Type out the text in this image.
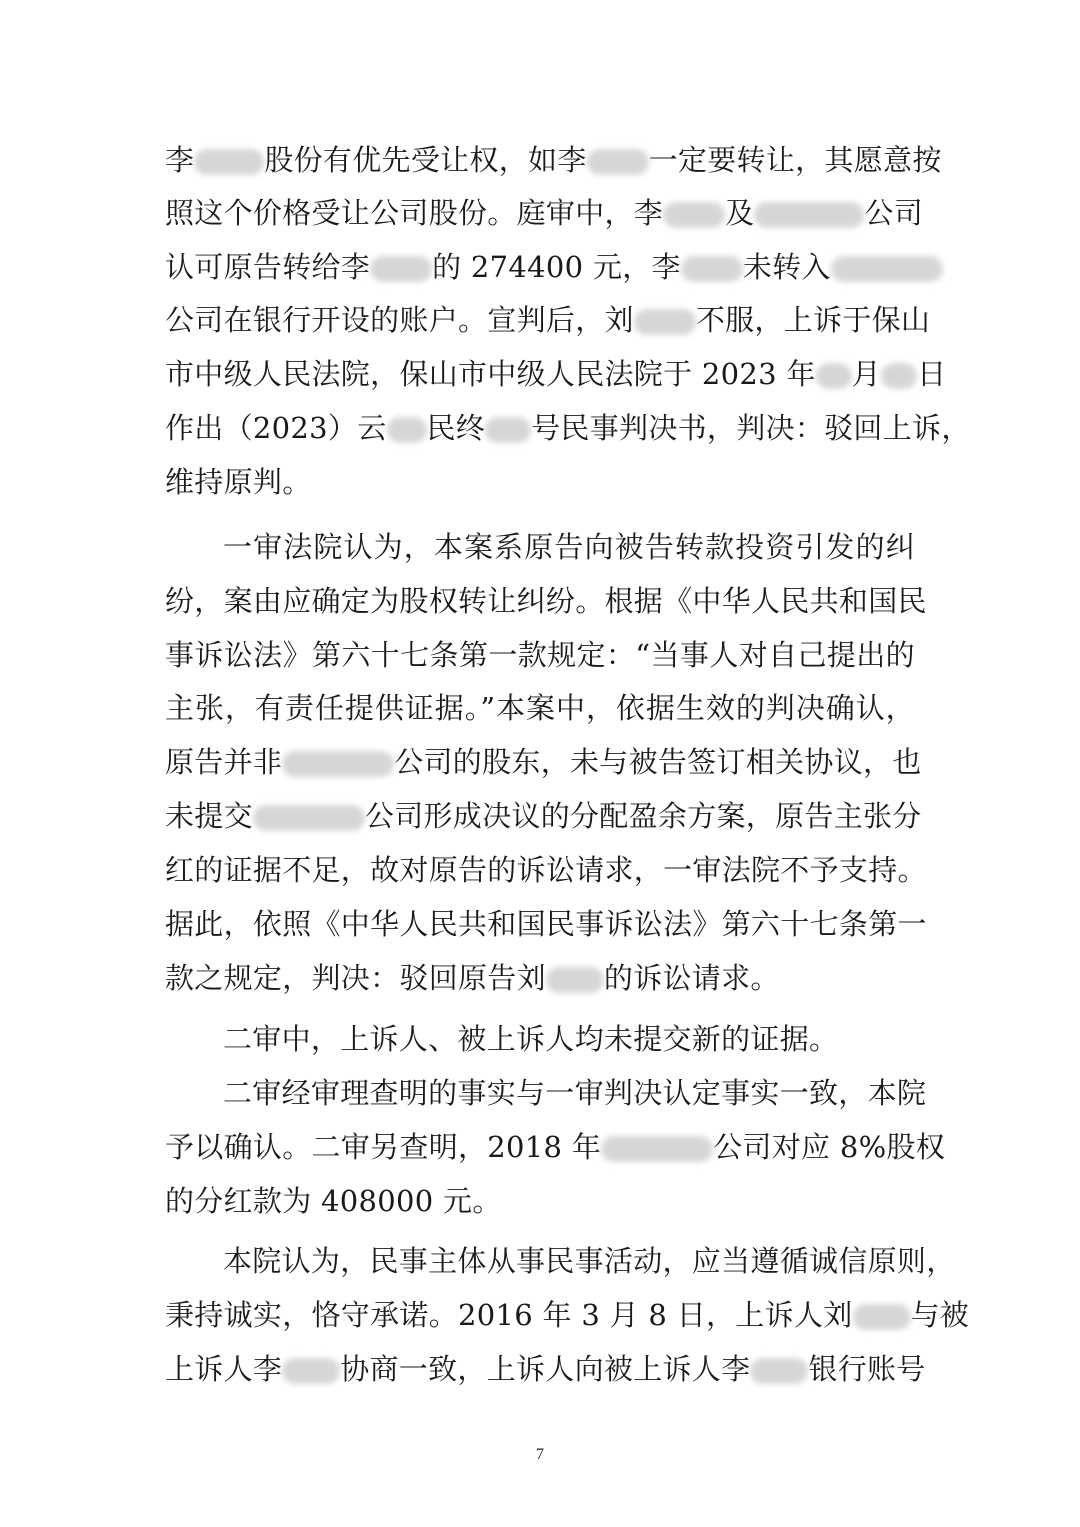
李 股份有优先受让权，如李 一定要转让，其愿意按
照这个价格受让公司股份。庭审中，李 及	公司
认可原告转给李 的 274400 元，李 未转入
公司在银行开设的账户。宣判后，刘 不服，上诉于保山
市中级人民法院，保山市中级人民法院于 2023 年 月 日
作出（2023）云 民终 号民事判决书，判决：驳回上诉，
维持原判。
一审法院认为，本案系原告向被告转款投资引发的纠
纷，案由应确定为股权转让纠纷。根据《中华人民共和国民
事诉讼法》第六十七条第一款规定：“当事人对自己提出的
主张，有责任提供证据。”本案中，依据生效的判决确认，
原告并非	公司的股东，未与被告签订相关协议，也
未提交	公司形成决议的分配盈余方案，原告主张分
红的证据不足，故对原告的诉讼请求，一审法院不予支持。
据此，依照《中华人民共和国民事诉讼法》第六十七条第一
款之规定，判决：驳回原告刘 的诉讼请求。
二审中，上诉人、被上诉人均未提交新的证据。
二审经审理查明的事实与一审判决认定事实一致，本院
予以确认。二审另查明，2018 年	公司对应 8%股权
的分红款为 408000 元。
本院认为，民事主体从事民事活动，应当遵循诚信原则，
秉持诚实，恪守承诺。2016 年 3 月 8 日，上诉人刘 与被
上诉人李 协商一致，上诉人向被上诉人李 银行账号
7
